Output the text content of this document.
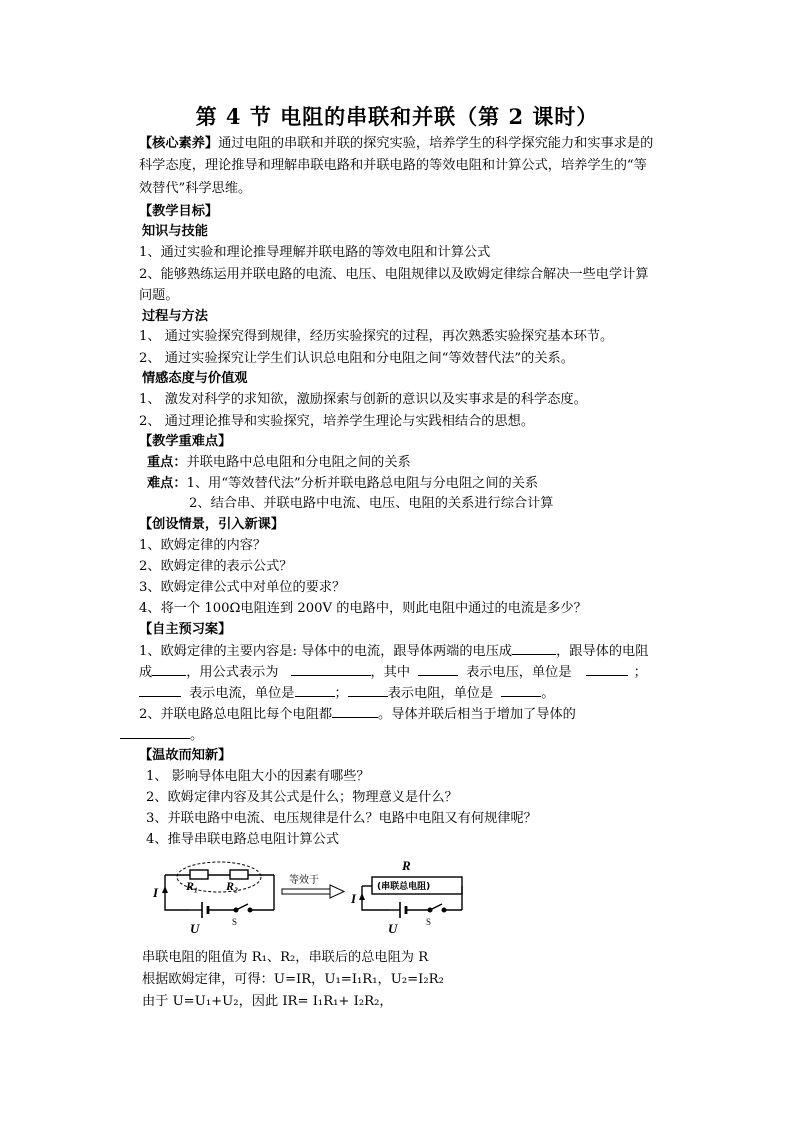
第 4 节 电阻的串联和并联（第 2 课时）
【核心素养】通过电阻的串联和并联的探究实验，培养学生的科学探究能力和实事求是的
科学态度，理论推导和理解串联电路和并联电路的等效电阻和计算公式，培养学生的“等
效替代”科学思维。
【教学目标】
知识与技能
1、通过实验和理论推导理解并联电路的等效电阻和计算公式
2、能够熟练运用并联电路的电流、电压、电阻规律以及欧姆定律综合解决一些电学计算
问题。
过程与方法
1、 通过实验探究得到规律，经历实验探究的过程，再次熟悉实验探究基本环节。
2、 通过实验探究让学生们认识总电阻和分电阻之间“等效替代法”的关系。
情感态度与价值观
1、 激发对科学的求知欲，激励探索与创新的意识以及实事求是的科学态度。
2、 通过理论推导和实验探究，培养学生理论与实践相结合的思想。
【教学重难点】
重点：并联电路中总电阻和分电阻之间的关系
难点：1、用“等效替代法”分析并联电路总电阻与分电阻之间的关系
2、结合串、并联电路中电流、电压、电阻的关系进行综合计算
【创设情景，引入新课】
1、欧姆定律的内容？
2、欧姆定律的表示公式？
3、欧姆定律公式中对单位的要求？
4、将一个 100Ω电阻连到 200V 的电路中，则此电阻中通过的电流是多少？
【自主预习案】
1、欧姆定律的主要内容是: 导体中的电流，跟导体两端的电压成	，跟导体的电阻
成	，用公式表示为	，其中	表示电压，单位是	；
表示电流，单位是	；	表示电阻，单位是	。
2、并联电路总电阻比每个电阻都	。导体并联后相当于增加了导体的
。
【温故而知新】
1、 影响导体电阻大小的因素有哪些？
2、欧姆定律内容及其公式是什么；物理意义是什么？
3、并联电路中电流、电压规律是什么？电路中电阻又有何规律呢？
4、推导串联电路总电阻计算公式
I R₁ R₂
U	S
等效于
R
(串联总电阻)
I
U	S
串联电阻的阻值为 R₁、R₂，串联后的总电阻为 R
根据欧姆定律，可得：U=IR，U₁=I₁R₁，U₂=I₂R₂
由于 U=U₁+U₂，因此 IR= I₁R₁+ I₂R₂，
